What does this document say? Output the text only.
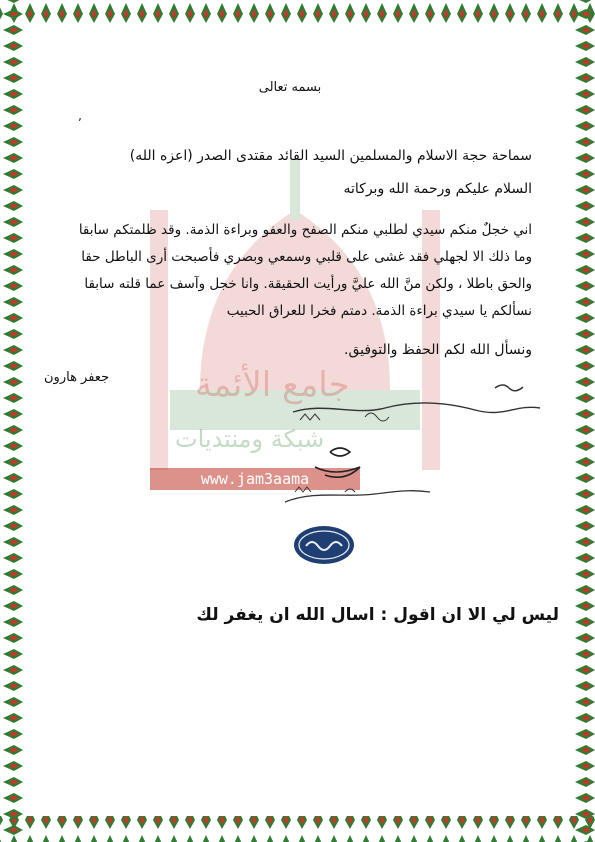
جامع الأئمة
شبكة ومنتديات
www.jam3aama
بسمه تعالى
ʼ
سماحة حجة الاسلام والمسلمين السيد القائد مقتدى الصدر (اعزه الله)
السلام عليكم ورحمة الله وبركاته
اني خجلٌ منكم سيدي لطلبي منكم الصفح والعفو وبراءة الذمة. وقد ظلمتكم سابقا
وما ذلك الا لجهلي فقد غشى على قلبي وسمعي وبصري فأصبحت أرى الباطل حقا
والحق باطلا ، ولكن منَّ الله عليَّ ورأيت الحقيقة. وانا خجل وآسف عما قلته سابقا
نسألكم يا سيدي براءة الذمة. دمتم فخرا للعراق الحبيب
ونسأل الله لكم الحفظ والتوفيق.
جعفر هارون
ليس لي الا ان اقول : اسال الله ان يغفر لك
